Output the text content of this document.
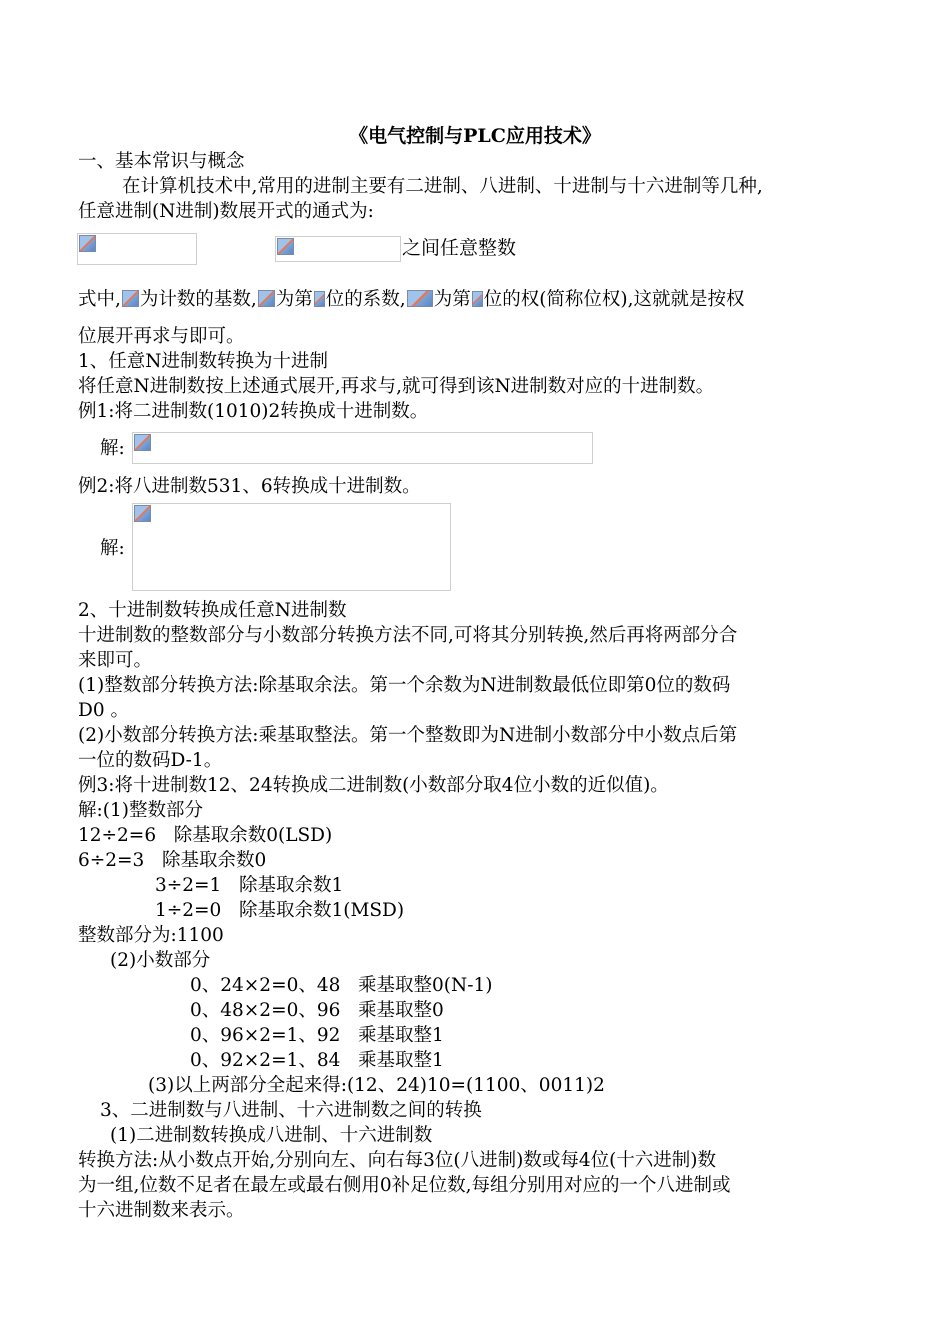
《电气控制与PLC应用技术》
一、基本常识与概念
在计算机技术中,常用的进制主要有二进制、八进制、十进制与十六进制等几种,
任意进制(N进制)数展开式的通式为:
之间任意整数
式中, 为计数的基数, 为第 位的系数, 为第 位的权(简称位权),这就就是按权
位展开再求与即可。
1、任意N进制数转换为十进制
将任意N进制数按上述通式展开,再求与,就可得到该N进制数对应的十进制数。
例1:将二进制数(1010)2转换成十进制数。
解:
例2:将八进制数531、6转换成十进制数。
解:
2、十进制数转换成任意N进制数
十进制数的整数部分与小数部分转换方法不同,可将其分别转换,然后再将两部分合
来即可。
(1)整数部分转换方法:除基取余法。第一个余数为N进制数最低位即第0位的数码
D0 。
(2)小数部分转换方法:乘基取整法。第一个整数即为N进制小数部分中小数点后第
一位的数码D-1。
例3:将十进制数12、24转换成二进制数(小数部分取4位小数的近似值)。
解:(1)整数部分
12÷2=6   除基取余数0(LSD)
6÷2=3   除基取余数0
3÷2=1   除基取余数1
1÷2=0   除基取余数1(MSD)
整数部分为:1100
(2)小数部分
0、24×2=0、48   乘基取整0(N-1)
0、48×2=0、96   乘基取整0
0、96×2=1、92   乘基取整1
0、92×2=1、84   乘基取整1
(3)以上两部分全起来得:(12、24)10=(1100、0011)2
3、二进制数与八进制、十六进制数之间的转换
(1)二进制数转换成八进制、十六进制数
转换方法:从小数点开始,分别向左、向右每3位(八进制)数或每4位(十六进制)数
为一组,位数不足者在最左或最右侧用0补足位数,每组分别用对应的一个八进制或
十六进制数来表示。
